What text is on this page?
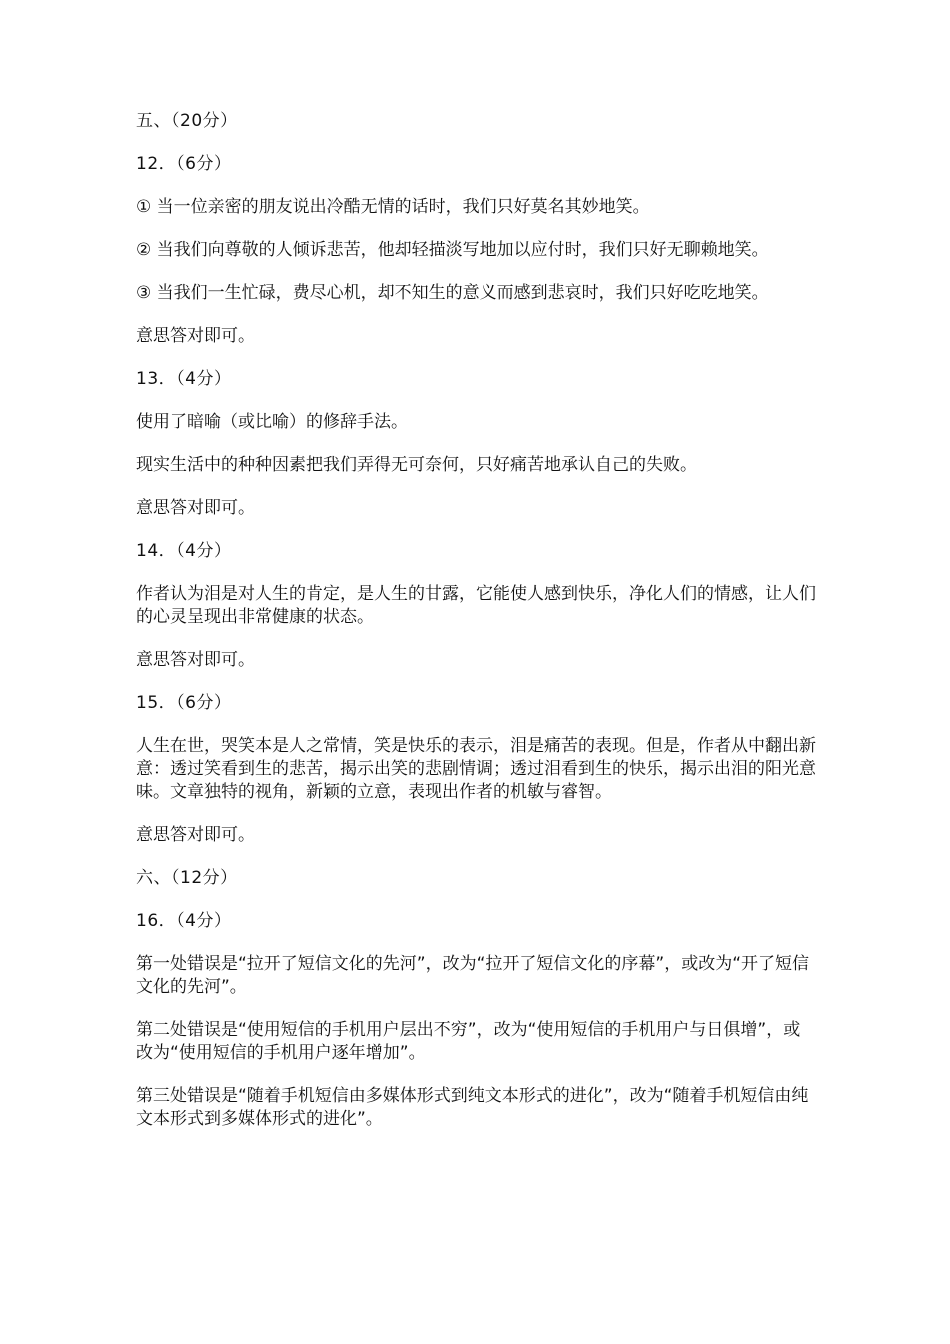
五、（20分）

12．（6分）

① 当一位亲密的朋友说出冷酷无情的话时，我们只好莫名其妙地笑。

② 当我们向尊敬的人倾诉悲苦，他却轻描淡写地加以应付时，我们只好无聊赖地笑。

③ 当我们一生忙碌，费尽心机，却不知生的意义而感到悲哀时，我们只好吃吃地笑。

意思答对即可。

13．（4分）

使用了暗喻（或比喻）的修辞手法。

现实生活中的种种因素把我们弄得无可奈何，只好痛苦地承认自己的失败。

意思答对即可。

14．（4分）

作者认为泪是对人生的肯定，是人生的甘露，它能使人感到快乐，净化人们的情感，让人们的心灵呈现出非常健康的状态。

意思答对即可。

15．（6分）

人生在世，哭笑本是人之常情，笑是快乐的表示，泪是痛苦的表现。但是，作者从中翻出新意：透过笑看到生的悲苦，揭示出笑的悲剧情调；透过泪看到生的快乐，揭示出泪的阳光意味。文章独特的视角，新颖的立意，表现出作者的机敏与睿智。

意思答对即可。

六、（12分）

16．（4分）

第一处错误是“拉开了短信文化的先河”，改为“拉开了短信文化的序幕”，或改为“开了短信文化的先河”。

第二处错误是“使用短信的手机用户层出不穷”，改为“使用短信的手机用户与日俱增”，或改为“使用短信的手机用户逐年增加”。

第三处错误是“随着手机短信由多媒体形式到纯文本形式的进化”，改为“随着手机短信由纯文本形式到多媒体形式的进化”。
